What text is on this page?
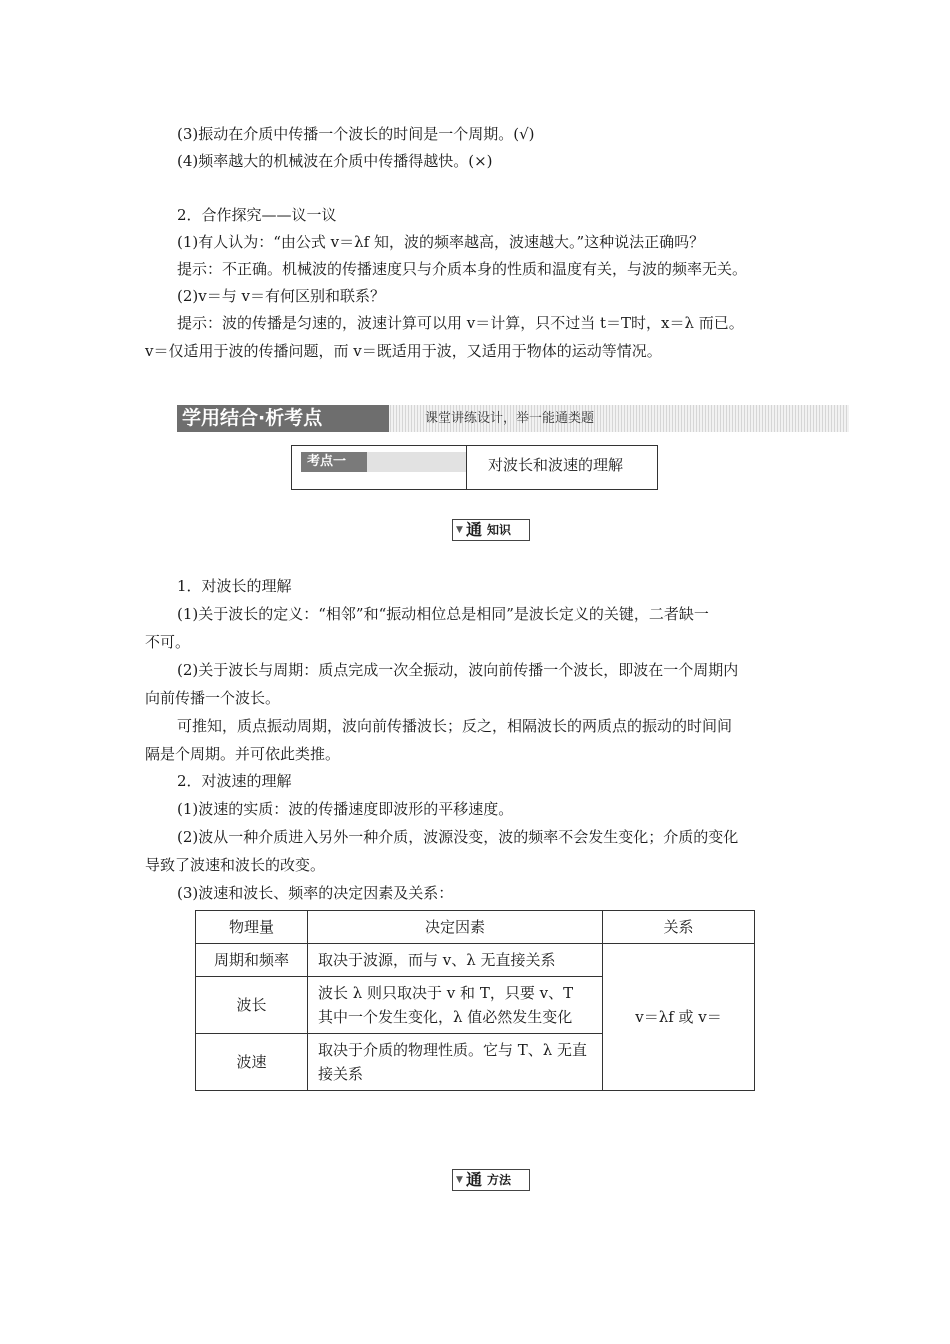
(3)振动在介质中传播一个波长的时间是一个周期。(√)
(4)频率越大的机械波在介质中传播得越快。(×)
2．合作探究——议一议
(1)有人认为：“由公式 v＝λf 知，波的频率越高，波速越大。”这种说法正确吗？
提示：不正确。机械波的传播速度只与介质本身的性质和温度有关，与波的频率无关。
(2)v＝与 v＝有何区别和联系？
提示：波的传播是匀速的，波速计算可以用 v＝计算，只不过当 t＝T时，x＝λ 而已。
v＝仅适用于波的传播问题，而 v＝既适用于波，又适用于物体的运动等情况。
学用结合·析考点	课堂讲练设计，举一能通类题
考点一	对波长和波速的理解
▼ 通 知识
1．对波长的理解
(1)关于波长的定义：“相邻”和“振动相位总是相同”是波长定义的关键，二者缺一
不可。
(2)关于波长与周期：质点完成一次全振动，波向前传播一个波长，即波在一个周期内
向前传播一个波长。
可推知，质点振动周期，波向前传播波长；反之，相隔波长的两质点的振动的时间间
隔是个周期。并可依此类推。
2．对波速的理解
(1)波速的实质：波的传播速度即波形的平移速度。
(2)波从一种介质进入另外一种介质，波源没变，波的频率不会发生变化；介质的变化
导致了波速和波长的改变。
(3)波速和波长、频率的决定因素及关系：
物理量	决定因素	关系
周期和频率	取决于波源，而与 v、λ 无直接关系	v＝λf 或 v＝
波长	波长 λ 则只取决于 v 和 T，只要 v、T 其中一个发生变化，λ 值必然发生变化	
波速	取决于介质的物理性质。它与 T、λ 无直接关系	
▼ 通 方法
